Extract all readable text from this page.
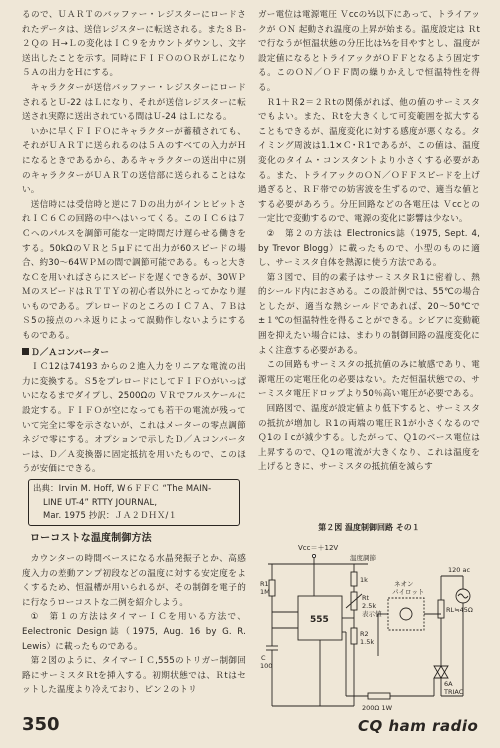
るので、ＵＡＲＴのバッファー・レジスターにロードされたデータは、送信レジスターに転送される。また８Ｂ-２Ｑの Ｈ→Ｌの変化はＩＣ９をカウントダウンし、文字送出したことを示す。同時にＦＩＦＯのＯＲがＬになり５Ａの出力をＨにする。

キャラクターが送信バッファー・レジスターにロードされるとＵ-22 はＬになり、それが送信レジスターに転送され実際に送出されている間はＵ-24 はＬになる。

いかに早くＦＩＦＯにキャラクターが蓄積されても、それがＵＡＲＴに送られるのは５Ａのすべての入力がＨになるときであるから、あるキャラクターの送出中に別のキャラクターがＵＡＲＴの送信部に送られることはない。

送信時には受信時と逆に７Ｄの出力がインヒビットされＩＣ６Ｃの回路の中へはいってくる。このＩＣ６は７Ｃへのパルスを調節可能な一定時間だけ遅らせる働きをする。50kΩのＶＲと５μＦにて出力が60スピードの場合、約30～64ＷＰＭの間で調節可能である。もっと大きなＣを用いればさらにスピードを遅くできるが、30ＷＰＭのスピードはＲＴＴＹの初心者以外にとってかなり遅いものである。プレロードのところのＩＣ７Ａ、７ＢはＳ5の接点のハネ返りによって誤動作しないようにするものである。

Ｄ／Ａコンバーター

ＩＣ12は74193 からの２進入力をリニアな電流の出力に変換する。Ｓ5をプレロードにしてＦＩＦＯがいっぱいになるまでダイプし、2500Ωの ＶＲでフルスケールに設定する。ＦＩＦＯが空になっても若干の電流が残っていて完全に零を示さないが、これはメーターの零点調節ネジで零にする。オプションで示したＤ／Ａコンバーターは、Ｄ／Ａ変換器に固定抵抗を用いたもので、このほうが安価にできる。

出典：Irvin M. Hoff, W６ＦＦＣ “The MAIN-
LINE UT-4” RTTY JOURNAL,
Mar. 1975 抄訳：ＪＡ２ＤＨＸ/１
ローコストな温度制御方法

カウンターの時間ベースになる水晶発振子とか、高感度入力の差動アンプ初段などの温度に対する安定度をよくするため、恒温槽が用いられるが、その制御を電子的に行なうローコストな二例を紹介しよう。

①　第１の方法はタイマーＩＣを用いる方法で、Eelectronic Design誌（1975, Aug. 16 by G. R. Lewis）に載ったものである。

第２図のように、タイマーＩＣ,555のトリガー制御回路にサーミスタＲtを挿入する。初期状態では、Ｒtはセットした温度より冷えており、ピン２のトリ

ガー電位は電源電圧 Ｖccの⅓以下にあって、トライアックが ＯＮ 起動され温度の上昇が始まる。温度設定は Ｒtで行なうが恒温状態の分圧比は⅓を目やすとし、温度が設定値になるとトライアックがＯＦＦとなるよう固定する。このＯＮ／ＯＦＦ間の繰りかえしで恒温特性を得る。

Ｒ1＋Ｒ2＝２Ｒtの関係がれば、他の値のサーミスタでもよい。また、Ｒtを大きくして可変範囲を拡大することもできるが、温度変化に対する感度が悪くなる。タイミング周波は1.1×Ｃ･Ｒ1であるが、この値は、温度変化のタイム・コンスタントより小さくする必要がある。また、トライアックのＯＮ／ＯＦＦスピードを上げ過ぎると、ＲＦ帯での妨害波を生ずるので、適当な値とする必要があろう。分圧回路などの各電圧は Ｖccとの一定比で変動するので、電源の変化に影響は少ない。

②　第２の方法は Electronics誌（1975, Sept. 4, by Trevor Blogg）に載ったもので、小型のものに適し、サーミスタ自体を熱源に使う方法である。

第３図で、目的の素子はサーミスタＲ1に密着し、熱的シールド内におさめる。この設計例では、55℃の場合としたが、適当な熱シールドであれば、20～50℃で±１℃の恒温特性を得ることができる。シビアに変動範囲を抑えたい場合には、まわりの制御回路の温度変化によく注意する必要がある。

この回路もサーミスタの抵抗値のみに敏感であり、電源電圧の定電圧化の必要はない。ただ恒温状態での、サーミスタ電圧ドロップより50％高い電圧が必要である。

回路図で、温度が設定値より低下すると、サーミスタの抵抗が増加し Ｒ1の両端の電圧Ｒ1が小さくなるのでＱ1のＩcが減少する。したがって、Ｑ1のベース電位は上昇するので、Ｑ1の電流が大きくなり、これは温度を上げるときに、サーミスタの抵抗値を減らす

第２図 温度制御回路 その１
Vcc＝＋12V
R1
1M
C
100
555
温度調節
1k
Rt
2.5k
表示値
R2
1.5k
ネオン
パイロット
RL≒45Ω
120 ac
6A
TRIAC
200Ω 1W
350	CQ ham radio
